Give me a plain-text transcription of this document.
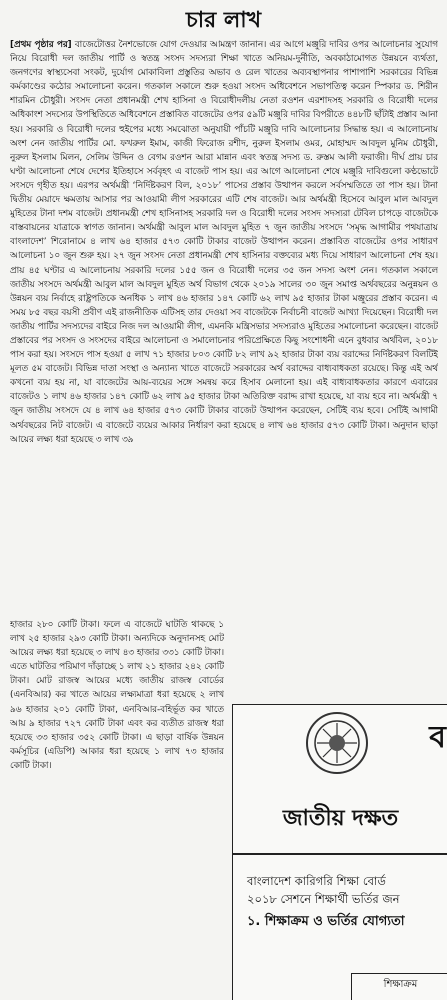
চার লাখ
[প্রথম পৃষ্ঠার পর] বাজেটোত্তর নৈশভোজে যোগ দেওয়ার আমন্ত্রণ জানান। এর আগে মঞ্জুরি দাবির ওপর আলোচনার সুযোগ নিয়ে বিরোধী দল জাতীয় পার্টি ও স্বতন্ত্র সংসদ সদস্যরা শিক্ষা খাতে অনিয়ম-দুর্নীতি, অবকাঠামোগত উন্নয়নে ব্যর্থতা, জনগণের স্বাস্থ্যসেবা সংকট, দুর্যোগ মোকাবিলা প্রস্তুতির অভাব ও রেল খাতের অব্যবস্থাপনার পাশাপাশি সরকারের বিভিন্ন কর্মকাণ্ডের কঠোর সমালোচনা করেন। গতকাল সকালে শুরু হওয়া সংসদ অধিবেশনে সভাপতিত্ব করেন স্পিকার ড. শিরীন শারমিন চৌধুরী। সংসদ নেতা প্রধানমন্ত্রী শেখ হাসিনা ও বিরোধীদলীয় নেতা রওশন এরশাদসহ সরকারি ও বিরোধী দলের অধিকাংশ সদস্যের উপস্থিতিতে অধিবেশনে প্রস্তাবিত বাজেটের ওপর ৫৯টি মঞ্জুরি দাবির বিপরীতে ৪৪৮টি ছাঁটাই প্রস্তাব আনা হয়। সরকারি ও বিরোধী দলের হুইপের মধ্যে সমঝোতা অনুযায়ী পাঁচটি মঞ্জুরি দাবি আলোচনার সিদ্ধান্ত হয়। এ আলোচনায় অংশ নেন জাতীয় পার্টির মো. ফখরুল ইমাম, কাজী ফিরোজ রশীদ, নুরুল ইসলাম ওমর, মোহাম্মদ আবদুল মুনিম চৌধুরী, নুরুল ইসলাম মিলন, সেলিম উদ্দিন ও বেগম রওশন আরা মান্নান এবং স্বতন্ত্র সদস্য ড. রুস্তম আলী ফরাজী। দীর্ঘ প্রায় চার ঘণ্টা আলোচনা শেষে দেশের ইতিহাসে সর্ববৃহৎ এ বাজেট পাস হয়। এর আগে আলোচনা শেষে মঞ্জুরি দাবিগুলো কণ্ঠভোটে সংসদে গৃহীত হয়। এরপর অর্থমন্ত্রী ‘নির্দিষ্টকরণ বিল, ২০১৮’ পাসের প্রস্তাব উত্থাপন করলে সর্বসম্মতিতে তা পাস হয়। টানা দ্বিতীয় মেয়াদে ক্ষমতায় আসার পর আওয়ামী লীগ সরকারের এটি শেষ বাজেট। আর অর্থমন্ত্রী হিসেবে আবুল মাল আবদুল মুহিতের টানা দশম বাজেট। প্রধানমন্ত্রী শেখ হাসিনাসহ সরকারি দল ও বিরোধী দলের সংসদ সদস্যরা টেবিল চাপড়ে বাজেটকে বাস্তবায়নের যাত্রাকে স্বাগত জানান। অর্থমন্ত্রী আবুল মাল আবদুল মুহিত ৭ জুন জাতীয় সংসদে ‘সমৃদ্ধ আগামীর পথযাত্রায় বাংলাদেশ’ শিরোনামে ৪ লাখ ৬৪ হাজার ৫৭৩ কোটি টাকার বাজেট উত্থাপন করেন। প্রস্তাবিত বাজেটের ওপর সাধারণ আলোচনা ১০ জুন শুরু হয়। ২৭ জুন সংসদ নেতা প্রধানমন্ত্রী শেখ হাসিনার বক্তব্যের মধ্য দিয়ে সাধারণ আলোচনা শেষ হয়। প্রায় ৪৫ ঘণ্টার এ আলোচনায় সরকারি দলের ১৫৫ জন ও বিরোধী দলের ৩৫ জন সদস্য অংশ নেন। গতকাল সকালে জাতীয় সংসদে অর্থমন্ত্রী আবুল মাল আবদুল মুহিত অর্থ বিভাগ থেকে ২০১৯ সালের ৩০ জুন সমাপ্ত অর্থবছরের অনুন্নয়ন ও উন্নয়ন ব্যয় নির্বাহে রাষ্ট্রপতিকে অনধিক ১ লাখ ৪৬ হাজার ১৪৭ কোটি ৬২ লাখ ৯৫ হাজার টাকা মঞ্জুরের প্রস্তাব করেন। এ সময় ৮৫ বছর বয়সী প্রবীণ এই রাজনীতিক এটিসহ তার দেওয়া সব বাজেটকে নির্বাচনী বাজেট আখ্যা দিয়েছেন। বিরোধী দল জাতীয় পার্টির সদস্যদের বাইরে নিজ দল আওয়ামী লীগ, এমনকি মন্ত্রিসভার সদস্যরাও মুহিতের সমালোচনা করেছেন। বাজেট প্রস্তাবের পর সংসদ ও সংসদের বাইরে আলোচনা ও সমালোচনার পরিপ্রেক্ষিতে কিছু সংশোধনী এনে বুধবার অর্থবিল, ২০১৮ পাস করা হয়। সংসদে পাস হওয়া ৫ লাখ ৭১ হাজার ৮০৩ কোটি ৮২ লাখ ৯২ হাজার টাকা ব্যয় বরাদ্দের নির্দিষ্টকরণ বিলটিই মূলত ৫ম বাজেট। বিভিন্ন দাতা সংস্থা ও অন্যান্য খাতে বাজেটে সরকারের অর্থ বরাদ্দের বাধ্যবাধকতা রয়েছে। কিন্তু এই অর্থ কখনো ব্যয় হয় না, যা বাজেটের আয়-ব্যয়ের সঙ্গে সমন্বয় করে হিসাব মেলানো হয়। এই বাধ্যবাধকতার কারণে এবারের বাজেটও ১ লাখ ৪৬ হাজার ১৪৭ কোটি ৬২ লাখ ৯৫ হাজার টাকা অতিরিক্ত বরাদ্দ রাখা হয়েছে, যা ব্যয় হবে না। অর্থমন্ত্রী ৭ জুন জাতীয় সংসদে যে ৪ লাখ ৬৪ হাজার ৫৭৩ কোটি টাকার বাজেট উত্থাপন করেছেন, সেটিই ব্যয় হবে। সেটিই আগামী অর্থবছরের নিট বাজেট। এ বাজেটে ব্যয়ের আকার নির্ধারণ করা হয়েছে ৪ লাখ ৬৪ হাজার ৫৭৩ কোটি টাকা। অনুদান ছাড়া আয়ের লক্ষ্য ধরা হয়েছে ৩ লাখ ৩৯
হাজার ২৮০ কোটি টাকা। ফলে এ বাজেটে ঘাটতি থাকছে ১ লাখ ২৫ হাজার ২৯৩ কোটি টাকা। অন্যদিকে অনুদানসহ মোট আয়ের লক্ষ্য ধরা হয়েছে ৩ লাখ ৪৩ হাজার ৩৩১ কোটি টাকা। এতে ঘাটতির পরিমাণ দাঁড়াচ্ছে ১ লাখ ২১ হাজার ২৪২ কোটি টাকা। মোট রাজস্ব আয়ের মধ্যে জাতীয় রাজস্ব বোর্ডের (এনবিআর) কর খাতে আয়ের লক্ষ্যমাত্রা ধরা হয়েছে ২ লাখ ৯৬ হাজার ২০১ কোটি টাকা, এনবিআর-বহির্ভূত কর খাতে আয় ৯ হাজার ৭২৭ কোটি টাকা এবং কর ব্যতীত রাজস্ব ধরা হয়েছে ৩৩ হাজার ৩৫২ কোটি টাকা। এ ছাড়া বার্ষিক উন্নয়ন কর্মসূচির (এডিপি) আকার ধরা হয়েছে ১ লাখ ৭৩ হাজার কোটি টাকা।
ব
জাতীয় দক্ষত
বাংলাদেশ কারিগরি শিক্ষা বোর্ড
২০১৮ সেশনে শিক্ষার্থী ভর্তির জন
১. শিক্ষাক্রম ও ভর্তির যোগ্যতা
শিক্ষাক্রম
